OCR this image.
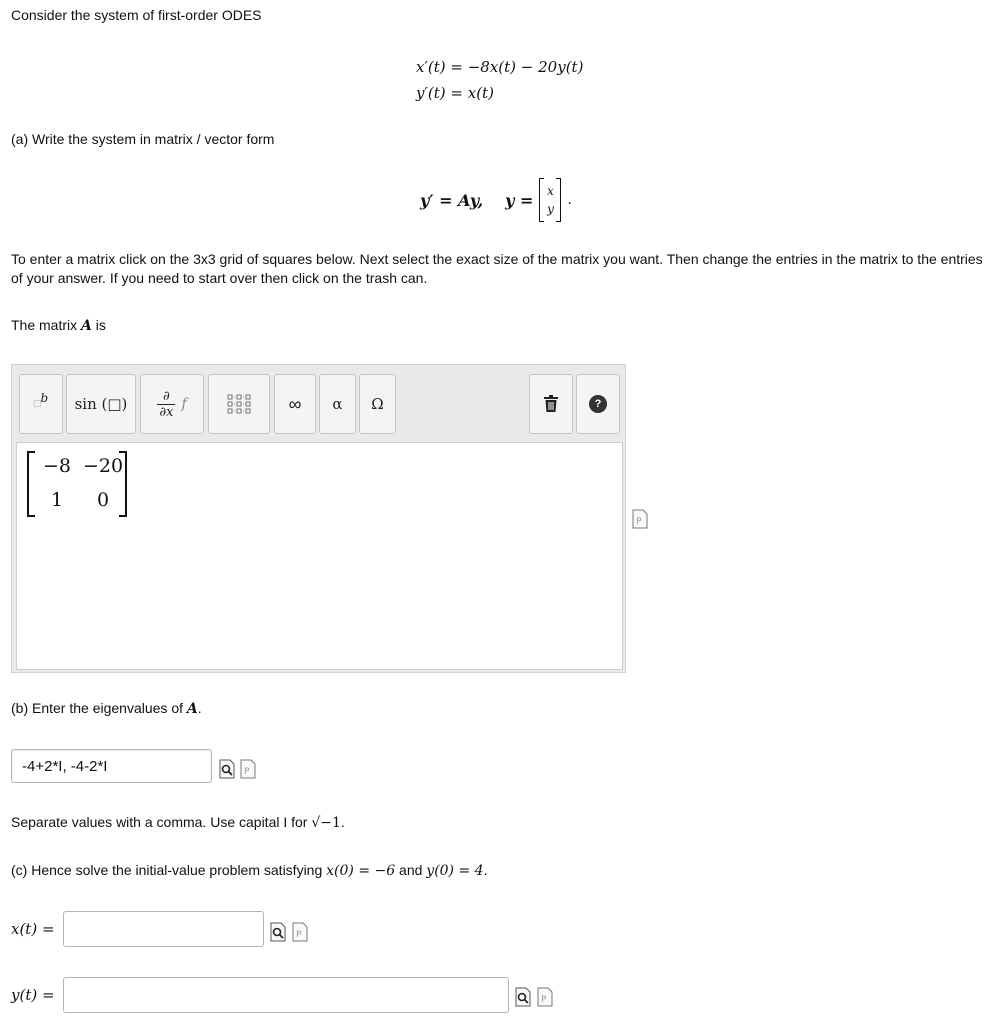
Consider the system of first-order ODES
x′(t) = −8x(t) − 20y(t)
y′(t) = x(t)
(a) Write the system in matrix / vector form
y′ = Ay, y = x
y
.
To enter a matrix click on the 3x3 grid of squares below. Next select the exact size of the matrix you want. Then change the entries in the matrix to the entries of your answer. If you need to start over then click on the trash can.
The matrix A is
□$^b$ sin (□)	∂
∂x f	∞ α Ω	?
−8 −20
1	0
P
(b) Enter the eigenvalues of A.
-4+2*I, -4-2*I
P
Separate values with a comma. Use capital I for √−1.
(c) Hence solve the initial-value problem satisfying x(0) = −6 and y(0) = 4.
x(t) =	P
y(t) =	P
